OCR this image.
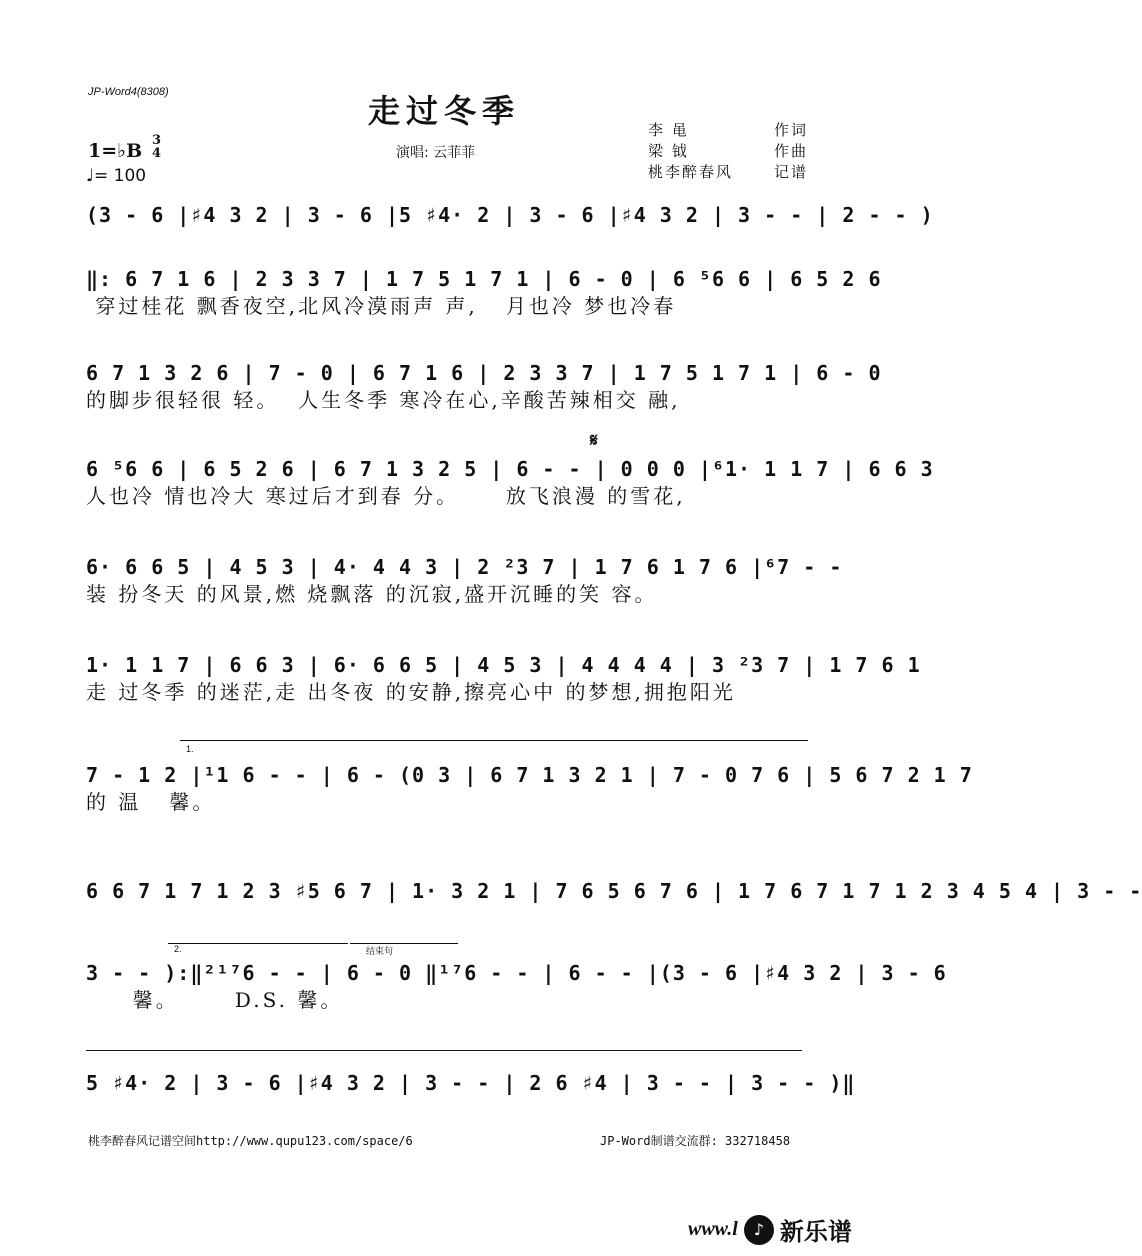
JP-Word4(8308)	走过冬季
1=♭B 3
4
♩= 100
演唱: 云菲菲
李 黾	作词
梁 钺	作曲
桃李醉春风	记谱
(3 - 6 |♯4 3 2 | 3 - 6 |5 ♯4· 2 | 3 - 6 |♯4 3 2 | 3 - - | 2 - - )
‖: 6 7 1 6 | 2 3 3 7 | 1 7 5 1 7 1 | 6 - 0 | 6 ⁵6 6 | 6 5 2 6
穿过桂花 飘香夜空,北风冷漠雨声 声,   月也冷 梦也冷春
6 7 1 3 2 6 | 7 - 0 | 6 7 1 6 | 2 3 3 7 | 1 7 5 1 7 1 | 6 - 0
的脚步很轻很 轻。  人生冬季 寒冷在心,辛酸苦辣相交 融,
𝄋
6 ⁵6 6 | 6 5 2 6 | 6 7 1 3 2 5 | 6 - - | 0 0 0 |⁶1· 1 1 7 | 6 6 3
人也冷 情也冷大 寒过后才到春 分。     放飞浪漫 的雪花,
6· 6 6 5 | 4 5 3 | 4· 4 4 3 | 2 ²3 7 | 1 7 6 1 7 6 |⁶7 - -
装 扮冬天 的风景,燃 烧飘落 的沉寂,盛开沉睡的笑 容。
1· 1 1 7 | 6 6 3 | 6· 6 6 5 | 4 5 3 | 4 4 4 4 | 3 ²3 7 | 1 7 6 1
走 过冬季 的迷茫,走 出冬夜 的安静,擦亮心中 的梦想,拥抱阳光
1.
7 - 1 2 |¹1 6 - - | 6 - (0 3 | 6 7 1 3 2 1 | 7 - 0 7 6 | 5 6 7 2 1 7
的 温   馨。
6 6 7 1 7 1 2 3 ♯5 6 7 | 1· 3 2 1 | 7 6 5 6 7 6 | 1 7 6 7 1 7 1 2 3 4 5 4 | 3 - -
2.	结束句
3 - - ):‖²¹⁷6 - - | 6 - 0 ‖¹⁷6 - - | 6 - - |(3 - 6 |♯4 3 2 | 3 - 6
馨。      D.S. 馨。
5 ♯4· 2 | 3 - 6 |♯4 3 2 | 3 - - | 2 6 ♯4 | 3 - - | 3 - - )‖
桃李醉春风记谱空间http://www.qupu123.com/space/6	JP-Word制谱交流群: 332718458
www.l ♪ 新乐谱
